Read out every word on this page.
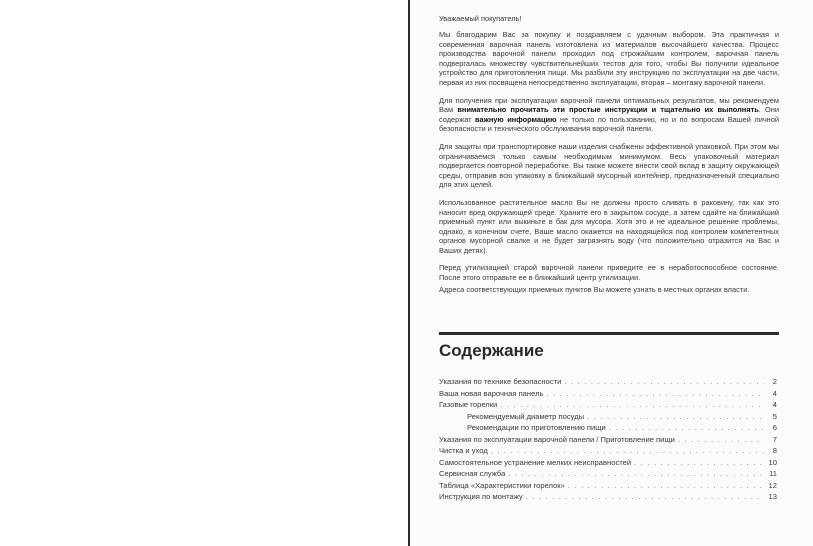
Уважаемый покупатель!

Мы благодарим Вас за покупку и поздравляем с удачным выбором. Эта практичная и современная варочная панель изготовлена из материалов высочайшего качества. Процесс производства варочной панели проходил под строжайшим контролем, варочная панель подвергалась множеству чувствительнейших тестов для того, чтобы Вы получили идеальное устройство для приготовления пищи. Мы разбили эту инструкцию по эксплуатации на две части, первая из них посвящена непосредственно эксплуатации, вторая – монтажу варочной панели.

Для получения при эксплуатации варочной панели оптимальных результатов, мы рекомендуем Вам внимательно прочитать эти простые инструкции и тщательно их выполнять. Они содержат важную информацию не только по пользованию, но и по вопросам Вашей личной безопасности и технического обслуживания варочной панели.

Для защиты при транспортировке наши изделия снабжены эффективной упаковкой. При этом мы ограничиваемся только самым необходимым минимумом. Весь упаковочный материал подвергается повторной переработке. Вы также можете внести свой вклад в защиту окружающей среды, отправив всю упаковку в ближайший мусорный контейнер, предназначенный специально для этих целей.

Использованное растительное масло Вы не должны просто сливать в раковину, так как это наносит вред окружающей среде. Храните его в закрытом сосуде, а затем сдайте на ближайший приемный пункт или выкиньте в бак для мусора. Хотя это и не идеальное решение проблемы, однако, в конечном счете, Ваше масло окажется на находящейся под контролем компетентных органов мусорной свалке и не будет загрязнять воду (что положительно отразится на Вас и Ваших детях).

Перед утилизацией старой варочной панели приведите ее в неработоспособное состояние. После этого отправьте ее в ближайший центр утилизации.

Адреса соответствующих приемных пунктов Вы можете узнать в местных органах власти.

Содержание
Указания по технике безопасности . . .	2
Ваша новая варочная панель . . .	4
Газовые горелки . . .	4
Рекомендуемый диаметр посуды . . .	5
Рекомендации по приготовлению пищи . . .	6
Указания по эксплуатации варочной панели / Приготовление пищи . . .	7
Чистка и уход . . .	8
Самостоятельное устранение мелких неисправностей . . .	10
Сервисная служба . . .	11
Таблица «Характеристики горелок» . . .	12
Инструкция по монтажу . . .	13
